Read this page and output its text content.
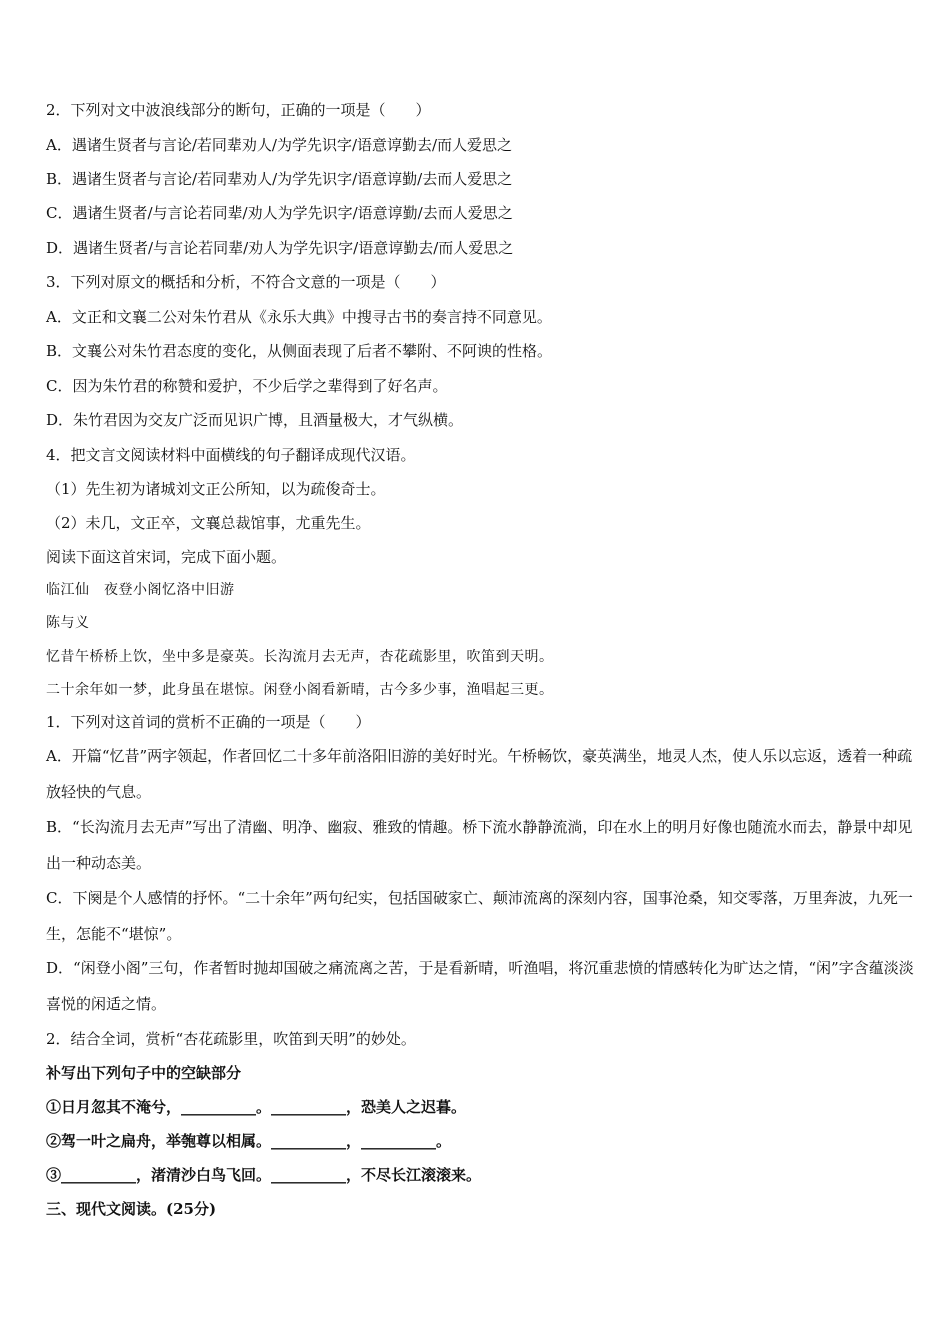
2．下列对文中波浪线部分的断句，正确的一项是（　　）

A．遇诸生贤者与言论/若同辈劝人/为学先识字/语意谆勤去/而人爱思之

B．遇诸生贤者与言论/若同辈劝人/为学先识字/语意谆勤/去而人爱思之

C．遇诸生贤者/与言论若同辈/劝人为学先识字/语意谆勤/去而人爱思之

D．遇诸生贤者/与言论若同辈/劝人为学先识字/语意谆勤去/而人爱思之

3．下列对原文的概括和分析，不符合文意的一项是（　　）

A．文正和文襄二公对朱竹君从《永乐大典》中搜寻古书的奏言持不同意见。

B．文襄公对朱竹君态度的变化，从侧面表现了后者不攀附、不阿谀的性格。

C．因为朱竹君的称赞和爱护，不少后学之辈得到了好名声。

D．朱竹君因为交友广泛而见识广博，且酒量极大，才气纵横。

4．把文言文阅读材料中面横线的句子翻译成现代汉语。

（1）先生初为诸城刘文正公所知，以为疏俊奇士。

（2）未几，文正卒，文襄总裁馆事，尤重先生。

阅读下面这首宋词，完成下面小题。

临江仙　夜登小阁忆洛中旧游

陈与义

忆昔午桥桥上饮，坐中多是豪英。长沟流月去无声，杏花疏影里，吹笛到天明。

二十余年如一梦，此身虽在堪惊。闲登小阁看新晴，古今多少事，渔唱起三更。

1．下列对这首词的赏析不正确的一项是（　　）

A．开篇“忆昔”两字领起，作者回忆二十多年前洛阳旧游的美好时光。午桥畅饮，豪英满坐，地灵人杰，使人乐以忘返，透着一种疏放轻快的气息。

B．“长沟流月去无声”写出了清幽、明净、幽寂、雅致的情趣。桥下流水静静流淌，印在水上的明月好像也随流水而去，静景中却见出一种动态美。

C．下阕是个人感情的抒怀。“二十余年”两句纪实，包括国破家亡、颠沛流离的深刻内容，国事沧桑，知交零落，万里奔波，九死一生，怎能不“堪惊”。

D．“闲登小阁”三句，作者暂时抛却国破之痛流离之苦，于是看新晴，听渔唱，将沉重悲愤的情感转化为旷达之情，“闲”字含蕴淡淡喜悦的闲适之情。

2．结合全词，赏析“杏花疏影里，吹笛到天明”的妙处。

补写出下列句子中的空缺部分

①日月忽其不淹兮，__________。__________，恐美人之迟暮。

②驾一叶之扁舟，举匏尊以相属。__________，__________。

③__________，渚清沙白鸟飞回。__________，不尽长江滚滚来。

三、现代文阅读。(25分)
